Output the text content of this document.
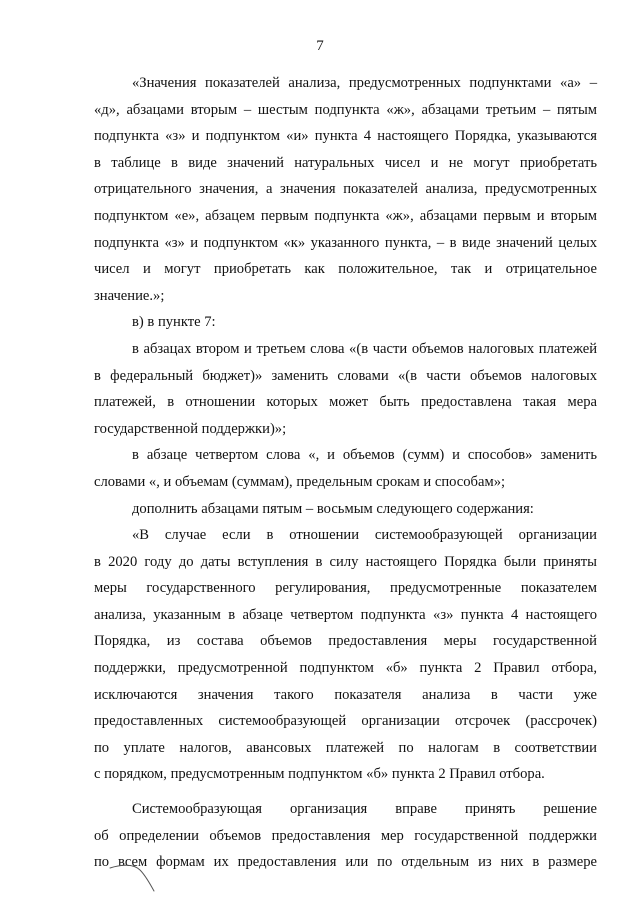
7
«Значения показателей анализа, предусмотренных подпунктами «а» –
«д», абзацами вторым – шестым подпункта «ж», абзацами третьим – пятым
подпункта «з» и подпунктом «и» пункта 4 настоящего Порядка, указываются
в таблице в виде значений натуральных чисел и не могут приобретать
отрицательного значения, а значения показателей анализа, предусмотренных
подпунктом «е», абзацем первым подпункта «ж», абзацами первым и вторым
подпункта «з» и подпунктом «к» указанного пункта, – в виде значений целых
чисел и могут приобретать как положительное, так и отрицательное
значение.»;
в) в пункте 7:
в абзацах втором и третьем слова «(в части объемов налоговых платежей
в федеральный бюджет)» заменить словами «(в части объемов налоговых
платежей, в отношении которых может быть предоставлена такая мера
государственной поддержки)»;
в абзаце четвертом слова «, и объемов (сумм) и способов» заменить
словами «, и объемам (суммам), предельным срокам и способам»;
дополнить абзацами пятым – восьмым следующего содержания:
«В случае если в отношении системообразующей организации
в 2020 году до даты вступления в силу настоящего Порядка были приняты
меры государственного регулирования, предусмотренные показателем
анализа, указанным в абзаце четвертом подпункта «з» пункта 4 настоящего
Порядка, из состава объемов предоставления меры государственной
поддержки, предусмотренной подпунктом «б» пункта 2 Правил отбора,
исключаются значения такого показателя анализа в части уже
предоставленных системообразующей организации отсрочек (рассрочек)
по уплате налогов, авансовых платежей по налогам в соответствии
с порядком, предусмотренным подпунктом «б» пункта 2 Правил отбора.
Системообразующая организация вправе принять решение
об определении объемов предоставления мер государственной поддержки
по всем формам их предоставления или по отдельным из них в размере
